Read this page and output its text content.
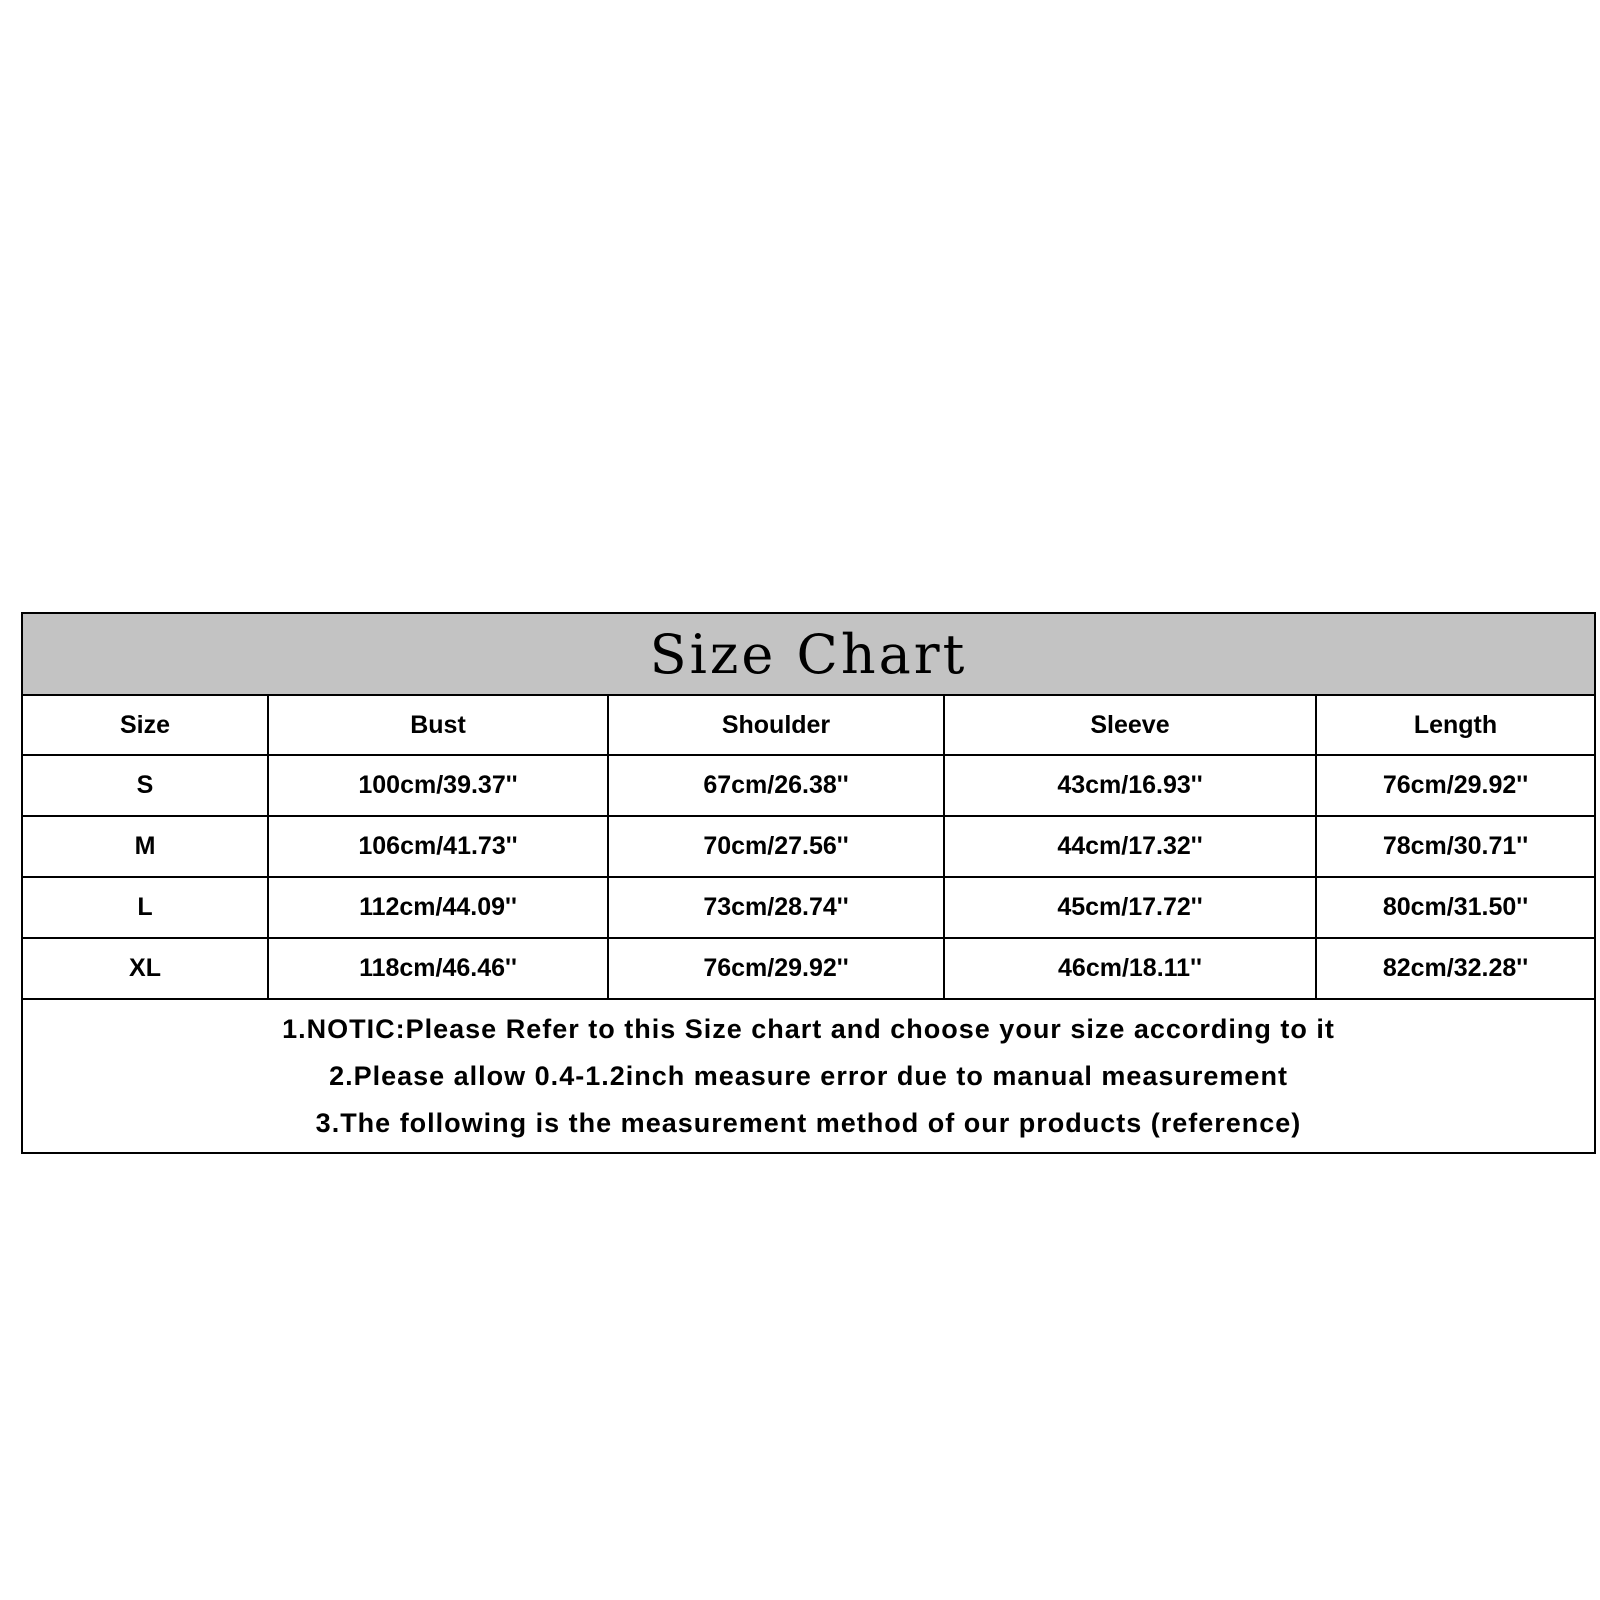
Size Chart
Size	Bust	Shoulder	Sleeve	Length
S	100cm/39.37''	67cm/26.38''	43cm/16.93''	76cm/29.92''
M	106cm/41.73''	70cm/27.56''	44cm/17.32''	78cm/30.71''
L	112cm/44.09''	73cm/28.74''	45cm/17.72''	80cm/31.50''
XL	118cm/46.46''	76cm/29.92''	46cm/18.11''	82cm/32.28''
1.NOTIC:Please Refer to this Size chart and choose your size according to it
2.Please allow 0.4-1.2inch measure error due to manual measurement
3.The following is the measurement method of our products (reference)
